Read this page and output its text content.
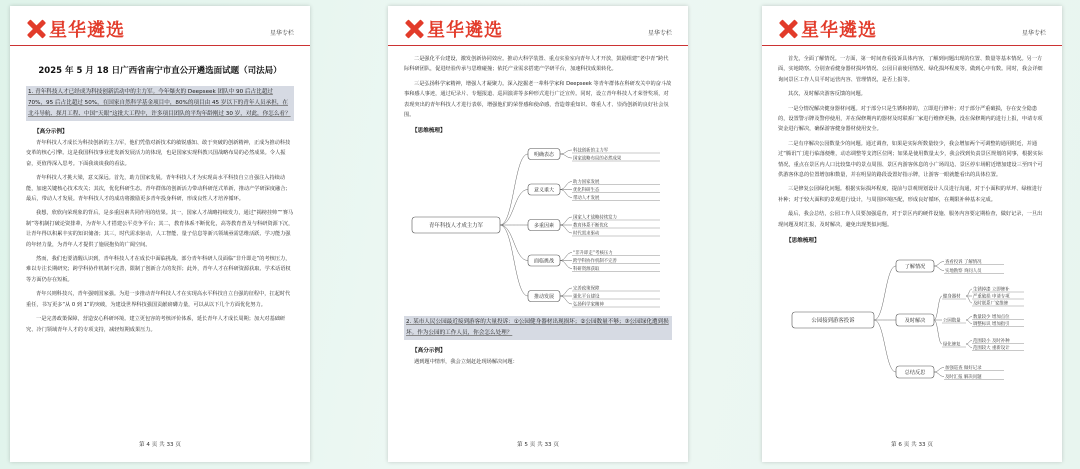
星华遴选	星华专栏
2025 年 5 月 18 日广西省南宁市直公开遴选面试题（司法局）
1. 青年科技人才已经成为科技创新活动中的主力军。今年爆火的 Deepseek 团队中 90 后占比超过 70%，95 后占比超过 50%，在国家自然科学基金项目中，80%的项目由 45 岁以下的青年人员承担，在北斗导航、探月工程、中国“天眼”这批大工程中，许多项目团队的平均年龄刚过 30 岁，对此，你怎么看？
【高分示例】

青年科技人才成长为科技创新的主力军，他们凭借对新技术的敏锐感知、敢于突破的创新精神，正成为推动科技变革的核心引擎。这是我国科技事业迸发新发展活力的体现，也是国家实现科教兴国战略布局的必然成果。令人振奋，更值得深入思考。下面我谈谈我的看法。

青年科技人才挑大梁，意义深远。首先，助力国家发展。青年科技人才为实现高水平科技自立自强注入持续动能，加速关键核心技术攻关；其次，优化科研生态。青年群体的创新活力带动科研范式革新，推动产学研深度融合；最后，带动人才发展。青年科技人才的成功将激励更多青年投身科研，形成良性人才培养循环。

我想，欣欣向荣现象的背后，是多重因素共同作用的结果。其一，国家人才战略持续发力，通过“揭榜挂帅”“赛马制”等机制打破论资排辈，为青年人才搭建公平竞争平台；其二，教育体系不断优化，高等教育普及与科研资源下沉，让青年得以积累丰实的知识储备；其三，时代需求驱动，人工智能、量子信息等新兴领域亟需思维活跃、学习能力强的年轻力量，为青年人才提供了施展抱负的广阔空间。

然而，我们也要清醒认识到，青年科技人才在成长中面临挑战。部分青年科研人员面临“非升即走”的考核压力，难以专注长期研究；跨学科协作机制不完善，限制了创新合力的发挥；此外，青年人才在科研资源获取、学术话语权等方面仍存在短板。

青年兴则科技兴，青年强则国家强。为进一步推动青年科技人才在实现高水平科技自立自强的征程中，扛起时代重任，书写更多“从 0 到 1”的突破，为建设世界科技强国贡献磅礴力量，可以从以下几个方面优化努力。

一是完善政策保障，营造安心科研环境。建立更包容的考核评价体系，延长青年人才成长周期；加大对基础研究、冷门领域青年人才的专项支持，减轻短期成果压力。

第 4 页 共 33 页
星华遴选	星华专栏

二是强化平台建设，激发创新协同效应。推动大科学装置、重点实验室向青年人才开放，鼓励组建“老中青”跨代际科研团队，促进经验传承与思维碰撞；依托产业需求搭建产学研平台，加速科技成果转化。

三是弘扬科学家精神，增强人才凝聚力。深入挖掘老一辈科学家和 Deepseek 等青年群体在科研攻关中的奋斗故事和感人事迹，通过纪录片、专题报道、巡回演讲等多种形式进行广泛宣传。同时，设立青年科技人才荣誉奖项，对表现突出的青年科技人才进行表彰，增强他们的荣誉感和使命感，营造尊重知识、尊重人才、崇尚创新的良好社会氛围。

【思维梳理】
青年科技人才成主力军
明确表态
科技创新的主力军
国家战略布局的必然成果
意义重大
助力国家发展
优化科研生态
带动人才发展
多重因素
国家人才战略持续发力
教育体系不断优化
时代需求驱动
面临挑战
“非升即走”考核压力
跨学科协作机制不完善
科研资源获取
推动发展
完善政策保障
强化平台建设
弘扬科学家精神
2. 某市人民公园最近接到游客的大量投诉：①公园健身器材出现损坏；②公园数量不够；③公园绿化遭到损坏。作为公园的工作人员，你会怎么处理？
【高分示例】

遇到题中情形，我会立刻赶赴现场解决问题：

第 5 页 共 33 页
星华遴选	星华专栏

首先，全面了解情况。一方面，第一时间查看投诉具体内容，了解到问题出现的位置、数量等基本情况。另一方面，实地勘察。分别查看健身器材损坏情况、公园目前使用情况、绿化损坏程度等。做到心中有数。同时，我会详细询问景区工作人员平时运营内容、管理情况，是否上报等。

其次，及时解决游客反馈的问题。

一是分情况解决健身器材问题。对于部分只是生锈和掉的，立即进行修补；对于部分严重破损，存在安全隐患的，设置警示牌及警停使用，并在保修期内的器材及时联系厂家进行维修更换，没在保修期内的进行上报，申请专项资金进行解决，确保游客健身器材使用安全。

二是有序解决公园数量少的问题。通过调查，如果是实际所数量较少，我会增加两个可调整的通用附近，并通过“腾讯”门进行临落便维，动态调整等支湾区位网；如果是使用数量太少，我会找到负责景区规划的同事，根据实际情况，重点在景区内人口比较集中的景点周围、景区内游客休息的小广场周边、景区停车场附近增加建设三至四个可供游客休息的位置增加和数量，并在明显的路段设置好指示牌，让游客一眼就能看出的具体位置。

三是修复公园绿化问题。根据实际损坏程度，提前与景观规划设计人员进行沟通，对于小面积的草坪、绿植进行补种；对于较大面积的景观进行设计，与周围环境匹配，形成良好循环，在期限补种基本完成。

最后，我会总结，公园工作人员要加强巡查，对于景区内的硬件设施、服务内容要定期检查，做好记录，一旦出现问题及时汇报，及时解决，避免出现类似问题。

【思维梳理】
公园接到游客投诉
了解情况
查看投诉 了解情况
实地勘察 询问人员
及时解决
健身器材
生锈掉漆 立即修补
严重破损 申请专项
及时联系厂家维修
公园数量
数量较少 增加点位
调整标识 增加指引
绿化修复
范围较小 及时补种
范围较大 重新设计
总结反思
加强巡查 做好记录
及时汇报 解决问题
第 6 页 共 33 页
